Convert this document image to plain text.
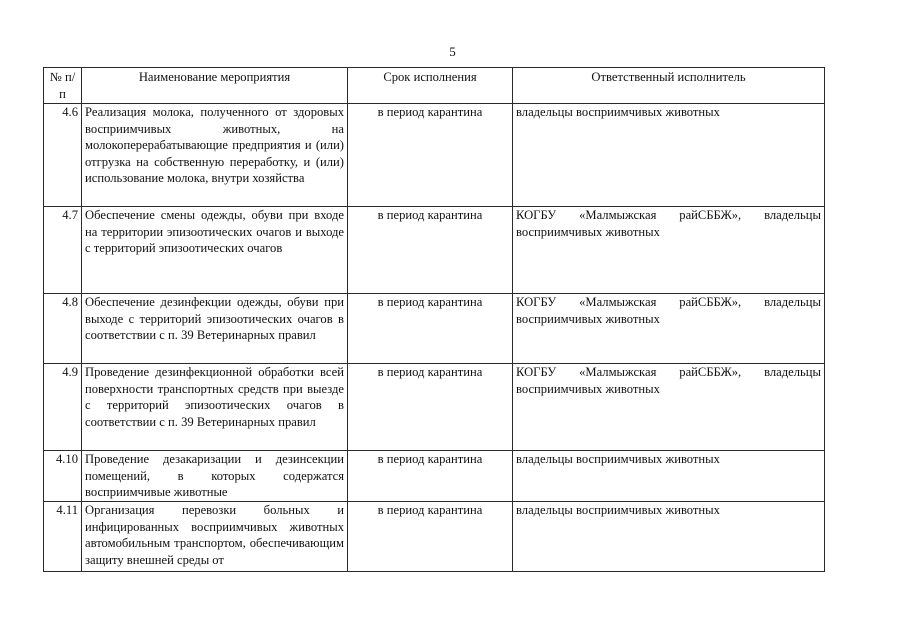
5
№ п/п	Наименование мероприятия	Срок исполнения	Ответственный исполнитель
4.6	Реализация молока, полученного от здоровых восприимчивых животных, на молокоперерабатывающие предприятия и (или) отгрузка на собственную переработку, и (или) использование молока, внутри хозяйства	в период карантина	владельцы восприимчивых животных
4.7	Обеспечение смены одежды, обуви при входе на территории эпизоотических очагов и выходе с территорий эпизоотических очагов	в период карантина	КОГБУ «Малмыжская райСББЖ», владельцы восприимчивых животных
4.8	Обеспечение дезинфекции одежды, обуви при выходе с территорий эпизоотических очагов в соответствии с п. 39 Ветеринарных правил	в период карантина	КОГБУ «Малмыжская райСББЖ», владельцы восприимчивых животных
4.9	Проведение дезинфекционной обработки всей поверхности транспортных средств при выезде с территорий эпизоотических очагов в соответствии с п. 39 Ветеринарных правил	в период карантина	КОГБУ «Малмыжская райСББЖ», владельцы восприимчивых животных
4.10	Проведение дезакаризации и дезинсекции помещений, в которых содержатся восприимчивые животные	в период карантина	владельцы восприимчивых животных
4.11	Организация перевозки больных и инфицированных восприимчивых животных автомобильным транспортом, обеспечивающим защиту внешней среды от	в период карантина	владельцы восприимчивых животных
